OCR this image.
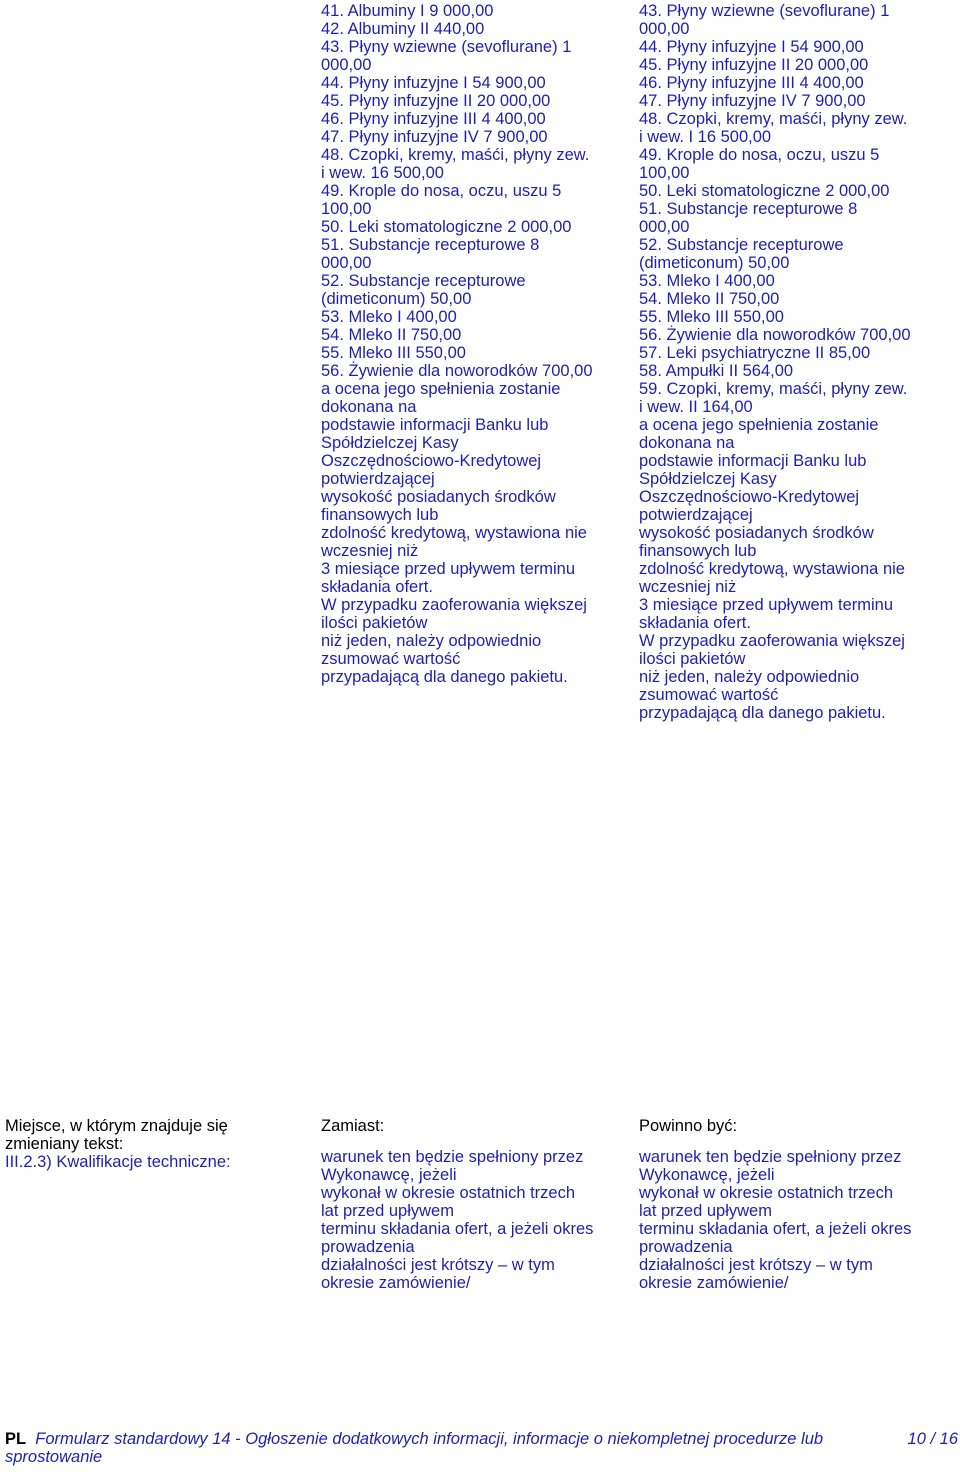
41. Albuminy I 9 000,00
42. Albuminy II 440,00
43. Płyny wziewne (sevoflurane) 1
000,00
44. Płyny infuzyjne I 54 900,00
45. Płyny infuzyjne II 20 000,00
46. Płyny infuzyjne III 4 400,00
47. Płyny infuzyjne IV 7 900,00
48. Czopki, kremy, maśći, płyny zew.
i wew. 16 500,00
49. Krople do nosa, oczu, uszu 5
100,00
50. Leki stomatologiczne 2 000,00
51. Substancje recepturowe 8
000,00
52. Substancje recepturowe
(dimeticonum) 50,00
53. Mleko I 400,00
54. Mleko II 750,00
55. Mleko III 550,00
56. Żywienie dla noworodków 700,00
a ocena jego spełnienia zostanie
dokonana na
podstawie informacji Banku lub
Spółdzielczej Kasy
Oszczędnościowo-Kredytowej
potwierdzającej
wysokość posiadanych środków
finansowych lub
zdolność kredytową, wystawiona nie
wczesniej niż
3 miesiące przed upływem terminu
składania ofert.
W przypadku zaoferowania większej
ilości pakietów
niż jeden, należy odpowiednio
zsumować wartość
przypadającą dla danego pakietu.
43. Płyny wziewne (sevoflurane) 1
000,00
44. Płyny infuzyjne I 54 900,00
45. Płyny infuzyjne II 20 000,00
46. Płyny infuzyjne III 4 400,00
47. Płyny infuzyjne IV 7 900,00
48. Czopki, kremy, maśći, płyny zew.
i wew. I 16 500,00
49. Krople do nosa, oczu, uszu 5
100,00
50. Leki stomatologiczne 2 000,00
51. Substancje recepturowe 8
000,00
52. Substancje recepturowe
(dimeticonum) 50,00
53. Mleko I 400,00
54. Mleko II 750,00
55. Mleko III 550,00
56. Żywienie dla noworodków 700,00
57. Leki psychiatryczne II 85,00
58. Ampułki II 564,00
59. Czopki, kremy, maśći, płyny zew.
i wew. II 164,00
a ocena jego spełnienia zostanie
dokonana na
podstawie informacji Banku lub
Spółdzielczej Kasy
Oszczędnościowo-Kredytowej
potwierdzającej
wysokość posiadanych środków
finansowych lub
zdolność kredytową, wystawiona nie
wczesniej niż
3 miesiące przed upływem terminu
składania ofert.
W przypadku zaoferowania większej
ilości pakietów
niż jeden, należy odpowiednio
zsumować wartość
przypadającą dla danego pakietu.
Miejsce, w którym znajduje się
zmieniany tekst:
III.2.3) Kwalifikacje techniczne:
Zamiast:	Powinno być:
warunek ten będzie spełniony przez
Wykonawcę, jeżeli
wykonał w okresie ostatnich trzech
lat przed upływem
terminu składania ofert, a jeżeli okres
prowadzenia
działalności jest krótszy – w tym
okresie zamówienie/
warunek ten będzie spełniony przez
Wykonawcę, jeżeli
wykonał w okresie ostatnich trzech
lat przed upływem
terminu składania ofert, a jeżeli okres
prowadzenia
działalności jest krótszy – w tym
okresie zamówienie/
PL Formularz standardowy 14 - Ogłoszenie dodatkowych informacji, informacje o niekompletnej procedurze lub
sprostowanie
10 / 16
